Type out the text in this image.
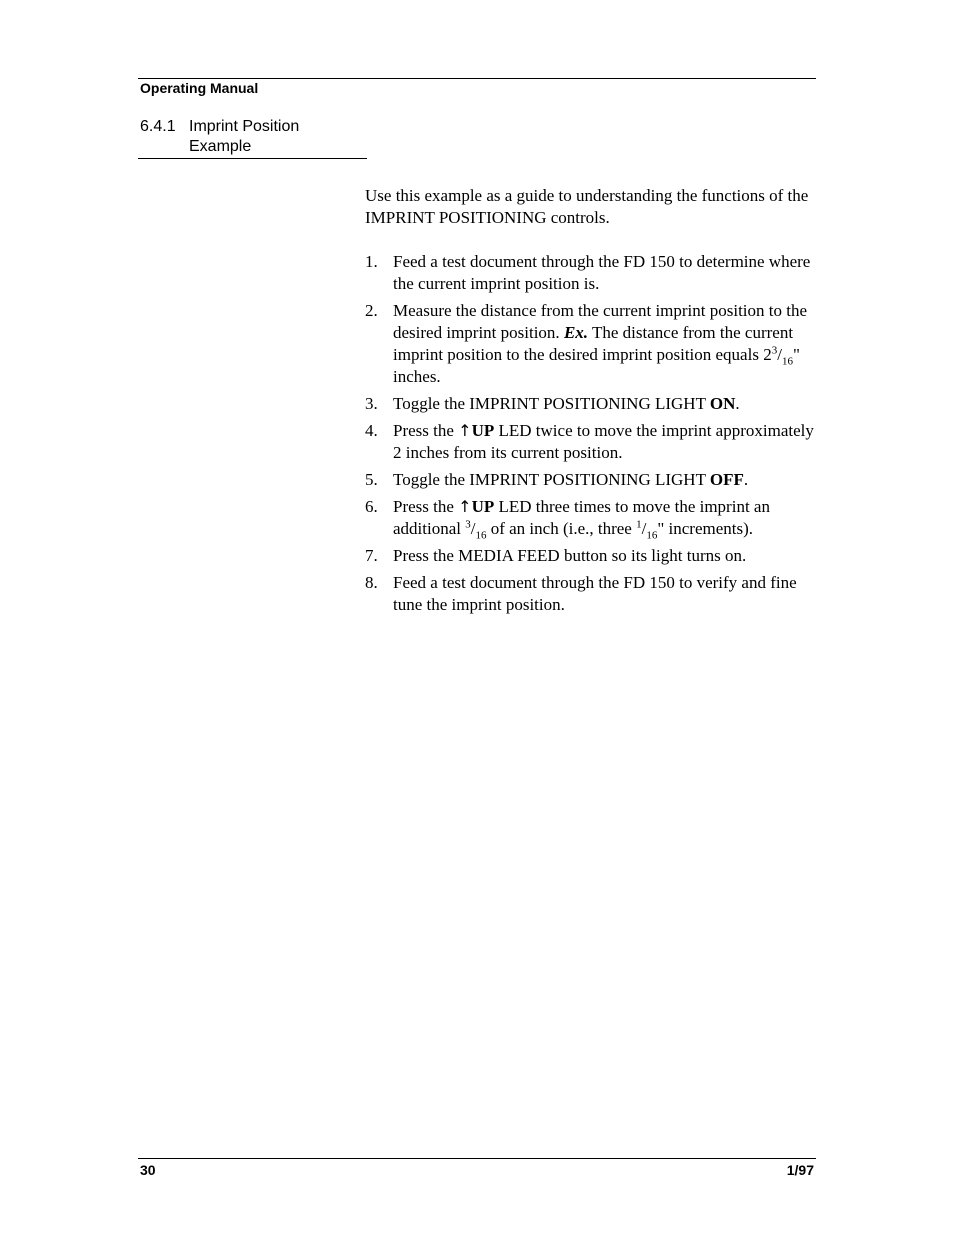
Operating Manual
6.4.1 Imprint Position
Example

Use this example as a guide to understanding the functions of the IMPRINT POSITIONING controls.

1. Feed a test document through the FD 150 to determine where the current imprint position is.
2. Measure the distance from the current imprint position to the desired imprint position. Ex. The distance from the current imprint position to the desired imprint position equals $2^3/_{16}$" inches.
3. Toggle the IMPRINT POSITIONING LIGHT ON.
4. Press the ↑UP LED twice to move the imprint approximately 2 inches from its current position.
5. Toggle the IMPRINT POSITIONING LIGHT OFF.
6. Press the ↑UP LED three times to move the imprint an additional $^3/_{16}$ of an inch (i.e., three $^1/_{16}$" increments).
7. Press the MEDIA FEED button so its light turns on.
8. Feed a test document through the FD 150 to verify and fine tune the imprint position.
30	1/97
